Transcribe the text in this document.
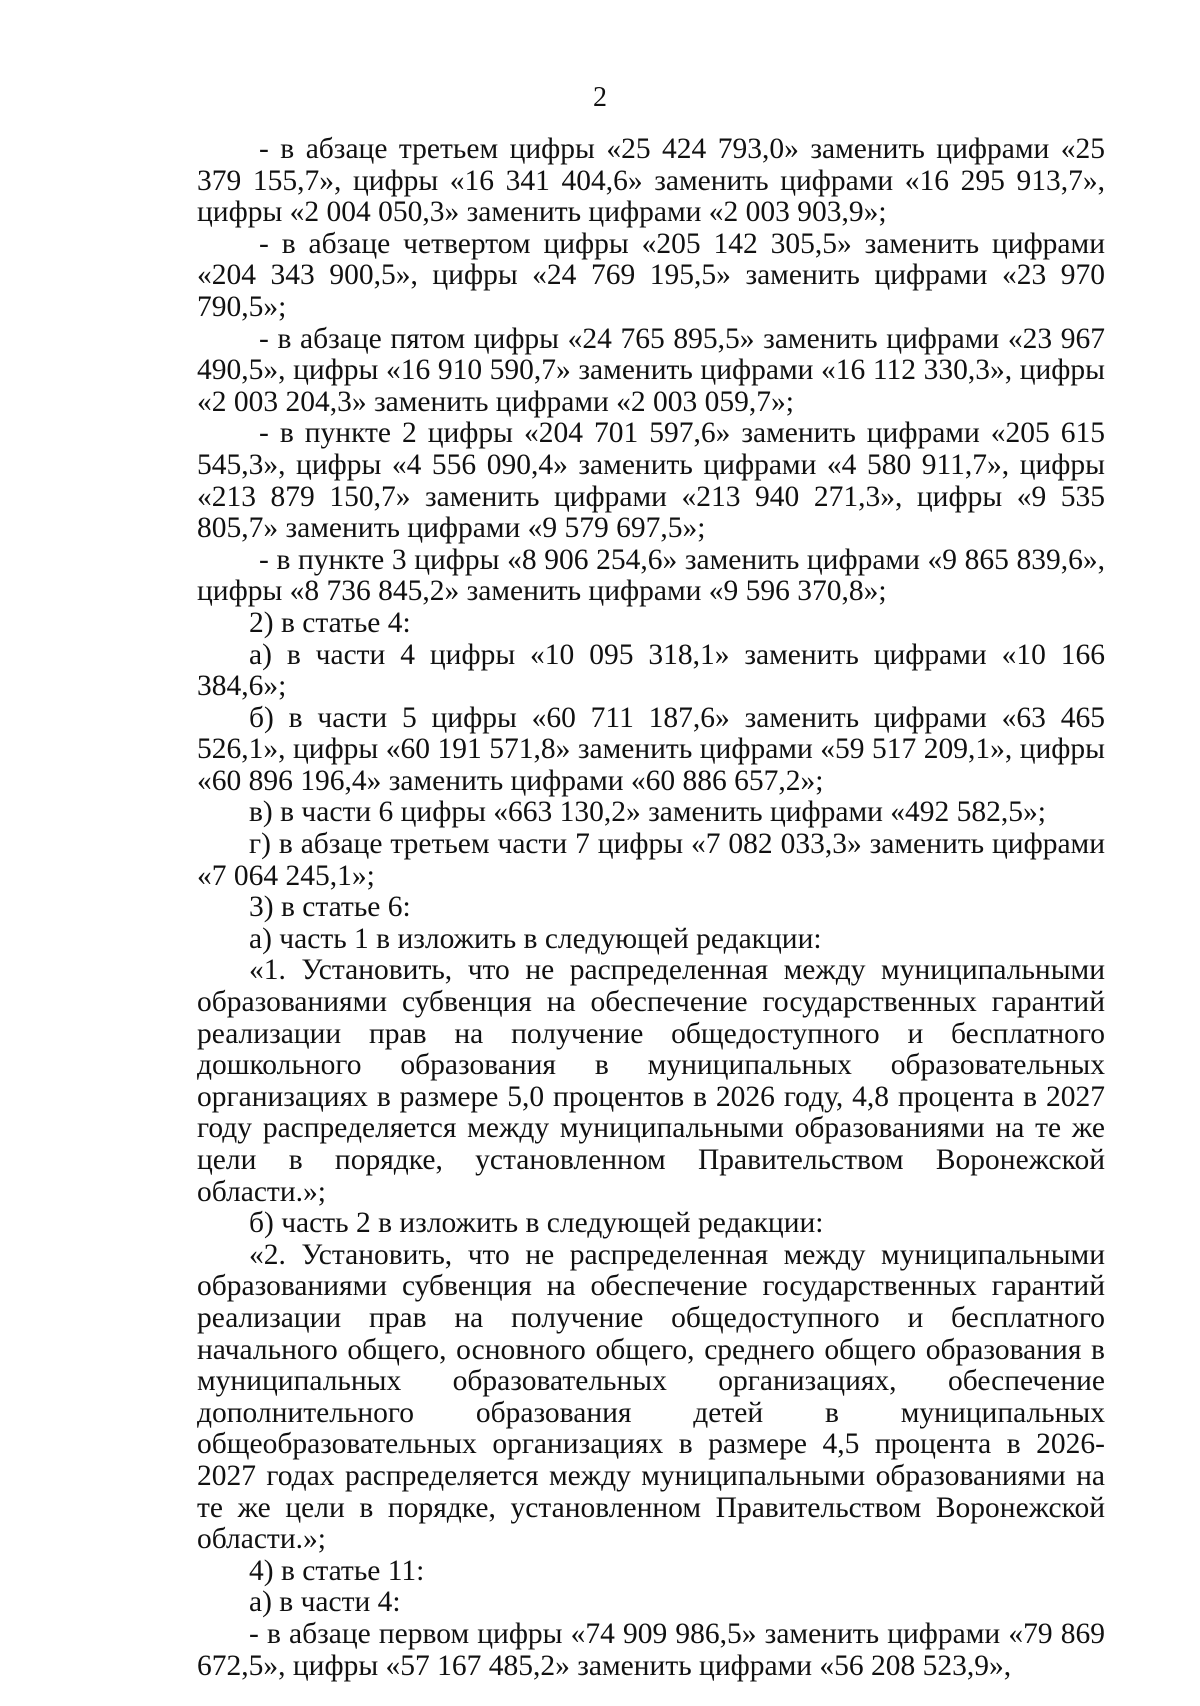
2

- в абзаце третьем цифры «25 424 793,0» заменить цифрами «25 379 155,7», цифры «16 341 404,6» заменить цифрами «16 295 913,7», цифры «2 004 050,3» заменить цифрами «2 003 903,9»;

- в абзаце четвертом цифры «205 142 305,5» заменить цифрами «204 343 900,5», цифры «24 769 195,5» заменить цифрами «23 970 790,5»;

- в абзаце пятом цифры «24 765 895,5» заменить цифрами «23 967 490,5», цифры «16 910 590,7» заменить цифрами «16 112 330,3», цифры «2 003 204,3» заменить цифрами «2 003 059,7»;

- в пункте 2 цифры «204 701 597,6» заменить цифрами «205 615 545,3», цифры «4 556 090,4» заменить цифрами «4 580 911,7», цифры «213 879 150,7» заменить цифрами «213 940 271,3», цифры «9 535 805,7» заменить цифрами «9 579 697,5»;

- в пункте 3 цифры «8 906 254,6» заменить цифрами «9 865 839,6», цифры «8 736 845,2» заменить цифрами «9 596 370,8»;

2) в статье 4:

а) в части 4 цифры «10 095 318,1» заменить цифрами «10 166 384,6»;

б) в части 5 цифры «60 711 187,6» заменить цифрами «63 465 526,1», цифры «60 191 571,8» заменить цифрами «59 517 209,1», цифры «60 896 196,4» заменить цифрами «60 886 657,2»;

в) в части 6 цифры «663 130,2» заменить цифрами «492 582,5»;

г) в абзаце третьем части 7 цифры «7 082 033,3» заменить цифрами «7 064 245,1»;

3) в статье 6:

а) часть 1 в изложить в следующей редакции:

«1. Установить, что не распределенная между муниципальными образованиями субвенция на обеспечение государственных гарантий реализации прав на получение общедоступного и бесплатного дошкольного образования в муниципальных образовательных организациях в размере 5,0 процентов в 2026 году, 4,8 процента в 2027 году распределяется между муниципальными образованиями на те же цели в порядке, установленном Правительством Воронежской области.»;

б) часть 2 в изложить в следующей редакции:

«2. Установить, что не распределенная между муниципальными образованиями субвенция на обеспечение государственных гарантий реализации прав на получение общедоступного и бесплатного начального общего, основного общего, среднего общего образования в муниципальных образовательных организациях, обеспечение дополнительного образования детей в муниципальных общеобразовательных организациях в размере 4,5 процента в 2026-2027 годах распределяется между муниципальными образованиями на те же цели в порядке, установленном Правительством Воронежской области.»;

4) в статье 11:

а) в части 4:

- в абзаце первом цифры «74 909 986,5» заменить цифрами «79 869 672,5», цифры «57 167 485,2» заменить цифрами «56 208 523,9»,
